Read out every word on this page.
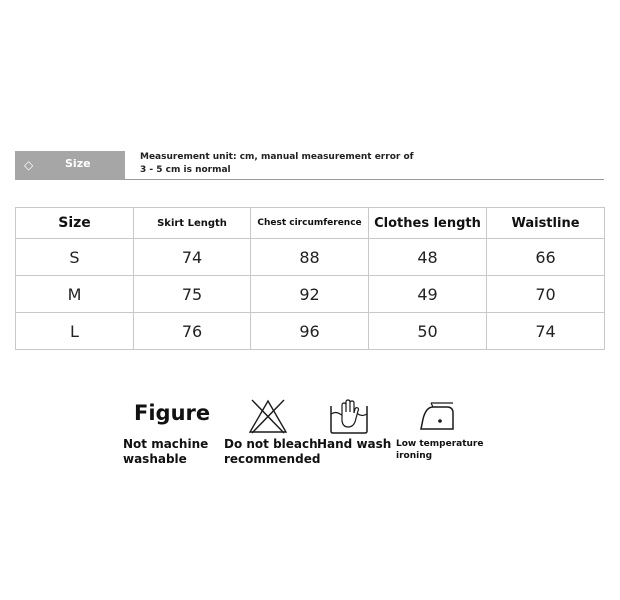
◇	Size	Measurement unit: cm, manual measurement error of 3 - 5 cm is normal
Size	Skirt Length	Chest circumference	Clothes length	Waistline
S	74	88	48	66
M	75	92	49	70
L	76	96	50	74
Figure
Not machine washable
Do not bleach recommended
Hand wash Low temperature ironing
